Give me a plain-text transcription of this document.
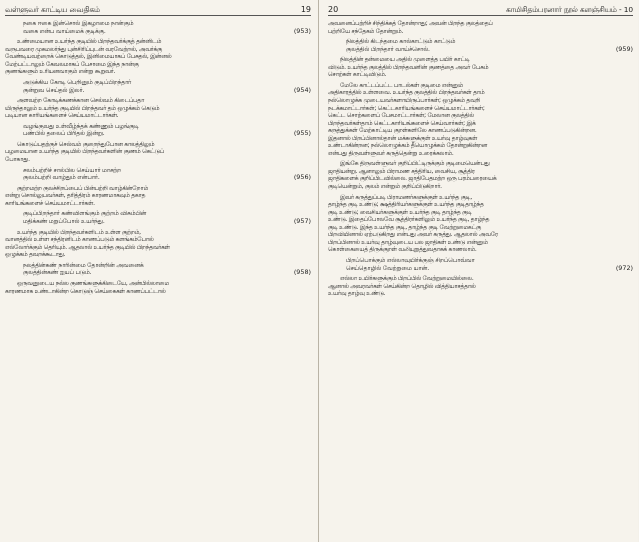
வள்ளுவர் காட்டிய வைதிகம்	19
நகை ஈகை இன்சொல் இகழாமை நான்கும்
வகை என்ப வாய்மைக் குடிக்கு.	(953)
உண்மையான உயர்ந்த குடியில் பிறந்தவர்க்குத் தன்னிடம்
வருபவரை முகமலர்ந்து புன்சிரிப்புடன் வரவேற்றல், அவர்க்கு
வேண்டியவற்றைக் கொடுத்தல், இனிமையாகப் பேசுதல், இன்னல்
மேற்பட்டாலும் கேவலமாகப் பேசாமை இந்த நான்கு
குணங்களும் உரியனவாகும் என்று கூறுவர்.
அடுக்கிய கோடி பெறினும் குடிப்பிறந்தார்
குன்றுவ செய்தல் இலர்.	(954)
அளவற்ற கோடிக்கணக்கான செல்வம் கிடைப்பதா
யிருந்தாலும் உயர்ந்த குடியில் பிறந்தவர் தம் ஒழுக்கம் கெடும்
படியான காரியங்களைச் செய்யமாட்டார்கள்.
வழங்குவது உள்வீழ்ந்தக் கண்ணும் பழங்குடி
பண்பில் தலைப் பிரிதல் இன்று.	(955)
கொடுப்பதற்குச் செல்வம் குறைந்துபோன காலத்திலும்
பழமையான உயர்ந்த குடியில் பிறந்தவர்களின் குணம் கெட்டுப்
போகாது.
சலம்பற்றிச் சால்பில செய்யார் மாசற்ற
குலம்பற்றி வாழ்தும் என்பார்.	(956)
குற்றமற்ற குலச்சிறப்பைப் பின்பற்றி வாழ்கின்றோம்
என்று சொல்லுபவர்கள், தரித்திரம் காரணமாகவும் தகாத
காரியங்களைச் செய்யமாட்டார்கள்.
குடிப்பிறந்தார் கண்விளங்கும் குற்றம் விசும்பின்
மதிக்கண் மறுப்போல் உயர்ந்து.	(957)
உயர்ந்த குடியில் பிறந்தவர்களிடம் உள்ள குற்றம்,
வானத்தில் உள்ள சந்திரனிடம் காணப்படும் களங்கம்போல்
எல்லோர்க்கும் தெரியும். ஆதலால் உயர்ந்த குடியில் பிறந்தவர்கள்
ஒழுக்கம் தவறக்கூடாது.
நலத்தின்கண் நாரின்மை தோன்றின் அவனைக்
குலத்தின்கண் ஐயப் படும்.	(958)
ஒருவனுடைய நல்ல குணங்களுக்கிடையே, அன்பில்லாமை
காரணமாக உண்டாகின்ற கொடுஞ் செய்கைகள் காணப்பட்டால்
20	காமிசிதம்பரனார் நூல் களஞ்சியம் - 10
அவனைப்பற்றிச் சிந்திக்கத் தோன்றாது; அவன் பிறந்த குலத்தைப்
பற்றியே சந்தேகம் தோன்றும்.
நிலத்தில் கிடந்தமை கால்காட்டும் காட்டும்
குலத்தில் பிறந்தார் வாய்ச்சொல்.	(959)
நிலத்தின் தன்மையை அதில் முளைத்த பயிர் காட்டி
விடும். உயர்ந்த குலத்தில் பிறந்தவனின் குணத்தை அவர் பேசும்
சொற்கள் காட்டிவிடும்.
மேலே காட்டப்பட்ட பாடல்கள் குடிமை என்னும்
அதிகாரத்தில் உள்ளவை. உயர்ந்த குலத்தில் பிறந்தவர்கள் தாம்
நல்லொழுக்க முடையவர்களாயிருப்பார்கள்; ஒழுக்கம் தவறி
நடக்கமாட்டார்கள்; கெட்டகாரியங்களைச் செய்யமாட்டார்கள்;
கெட்ட சொற்களைப் பேசமாட்டார்கள்; மேலான குலத்தில்
பிறந்தவர்கள்தாம் கெட்டகாரியங்களைச் செய்வார்கள்; இக்
கருத்துக்கள் மேற்காட்டிய குறள்களிலே காணப்படுகின்றன.
இதனால் பிறப்பினால்தான் மக்களுக்குள் உயர்வு தாழ்வுகள்
உண்டாகின்றன; நல்லொழுக்கம் தீயொழுக்கம் தோன்றுகின்றன
என்பது திருவள்ளுவர் கருத்தென்று உரைக்கலாம்.
இங்கே திருவள்ளுவர் குறிப்பிட்டிருக்கும் குடிமையென்பது
ஜாதியன்று. ஆனாலும் பிராமண சத்திரிய, வைசிய, சூத்திர
ஜாதிகளைக் குறிப்பிடவில்லை. ஜாதிபேதமற்ற ஒரு பரம்பரையைக்
குடியென்றும், குலம் என்றும் குறிப்பிடுகிறார்.
இவர் கருத்துப்படி பிராமணர்களுக்குள் உயர்ந்த குடி,
தாழ்ந்த குடி உண்டு; க்ஷத்திரியர்களுக்குள் உயர்ந்த குடிதாழ்ந்த
குடி உண்டு; வைசியர்களுக்குள் உயர்ந்த குடி தாழ்ந்த குடி
உண்டு. இதைப்போலவே சூத்திரர்களிலும் உயர்ந்த குடி, தாழ்ந்த
குடி உண்டு. இந்த உயர்ந்த குடி, தாழ்ந்த குடி வேற்றுமைகட்கு
பிறவியினால் ஏற்படுகிறது என்பது அவர் கருத்து. ஆதலால் அவரே
பிறப்பினால் உயர்வு தாழ்வுடைய பல ஜாதிகள் உண்டு என்னும்
கொள்கையைத் திருக்குறள் வலியுறுத்துவதாகக் காணலாம்.
பிறப்பொக்கும் எல்லாவுயிர்க்குஞ் சிறப்பொவ்வா
செய்தொழில் வேற்றுமை யான்.	(972)
எல்லா உயிர்களுக்கும் பிறப்பில் வேற்றுமையில்லை.
ஆனால் அவரவர்கள் செய்கின்ற தொழில் வித்தியாசத்தால்
உயர்வு தாழ்வு உண்டு.
